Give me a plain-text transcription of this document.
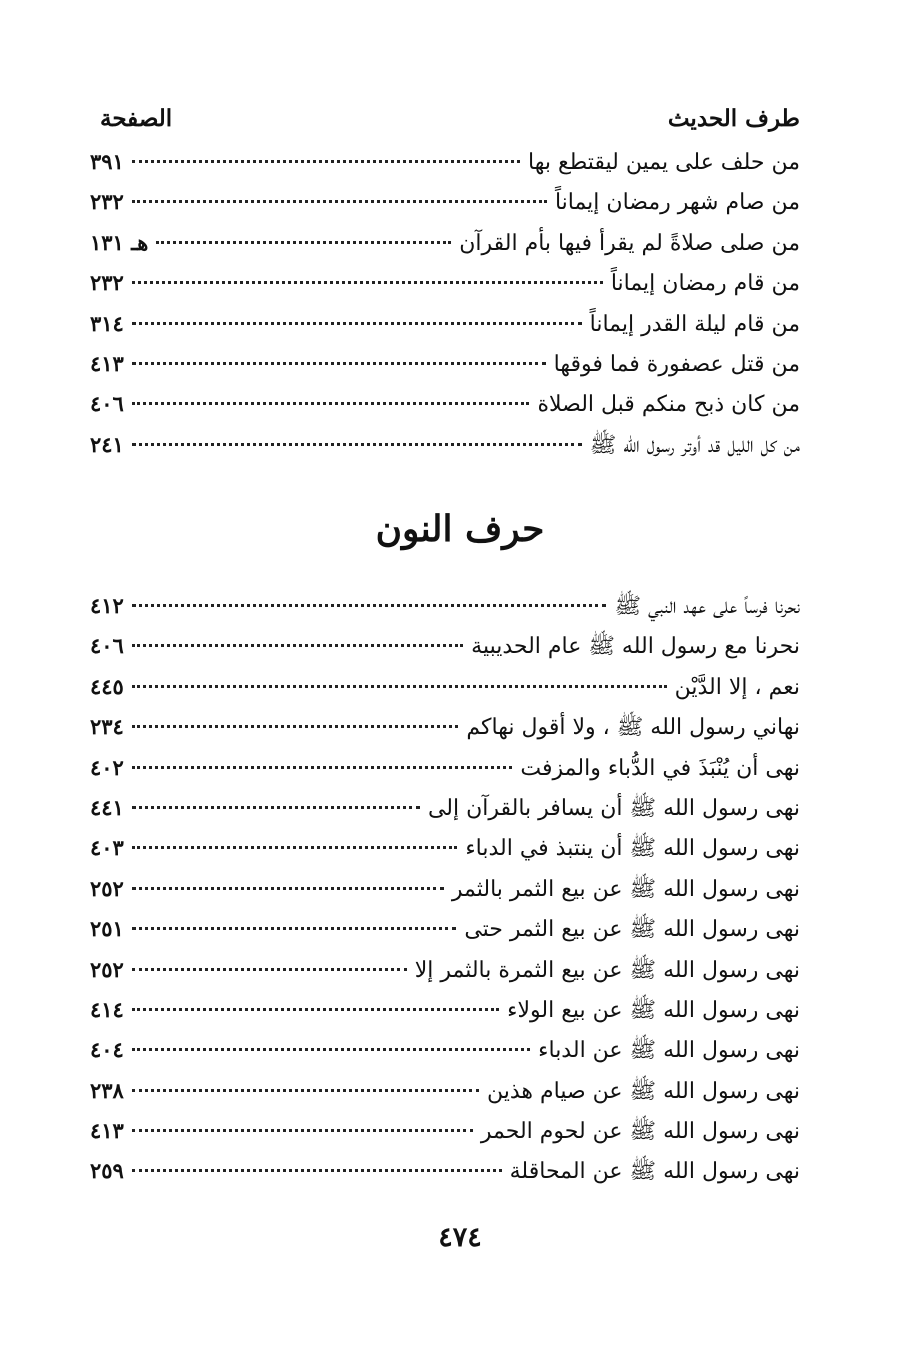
طرف الحديث
الصفحة
من حلف على يمين ليقتطع بها
٣٩١
من صام شهر رمضان إيماناً
٢٣٢
من صلى صلاةً لم يقرأ فيها بأم القرآن
هـ ١٣١
من قام رمضان إيماناً
٢٣٢
من قام ليلة القدر إيماناً
٣١٤
من قتل عصفورة فما فوقها
٤١٣
من كان ذبح منكم قبل الصلاة
٤٠٦
من كل الليل قد أوتر رسول الله ﷺ
٢٤١
حرف النون
نحرنا فرساً على عهد النبي ﷺ
٤١٢
نحرنا مع رسول الله ﷺ عام الحديبية
٤٠٦
نعم ، إلا الدَّيْن
٤٤٥
نهاني رسول الله ﷺ ، ولا أقول نهاكم
٢٣٤
نهى أن يُنْبَذَ في الدُّباء والمزفت
٤٠٢
نهى رسول الله ﷺ أن يسافر بالقرآن إلى
٤٤١
نهى رسول الله ﷺ أن ينتبذ في الدباء
٤٠٣
نهى رسول الله ﷺ عن بيع الثمر بالثمر
٢٥٢
نهى رسول الله ﷺ عن بيع الثمر حتى
٢٥١
نهى رسول الله ﷺ عن بيع الثمرة بالثمر إلا
٢٥٢
نهى رسول الله ﷺ عن بيع الولاء
٤١٤
نهى رسول الله ﷺ عن الدباء
٤٠٤
نهى رسول الله ﷺ عن صيام هذين
٢٣٨
نهى رسول الله ﷺ عن لحوم الحمر
٤١٣
نهى رسول الله ﷺ عن المحاقلة
٢٥٩
٤٧٤
